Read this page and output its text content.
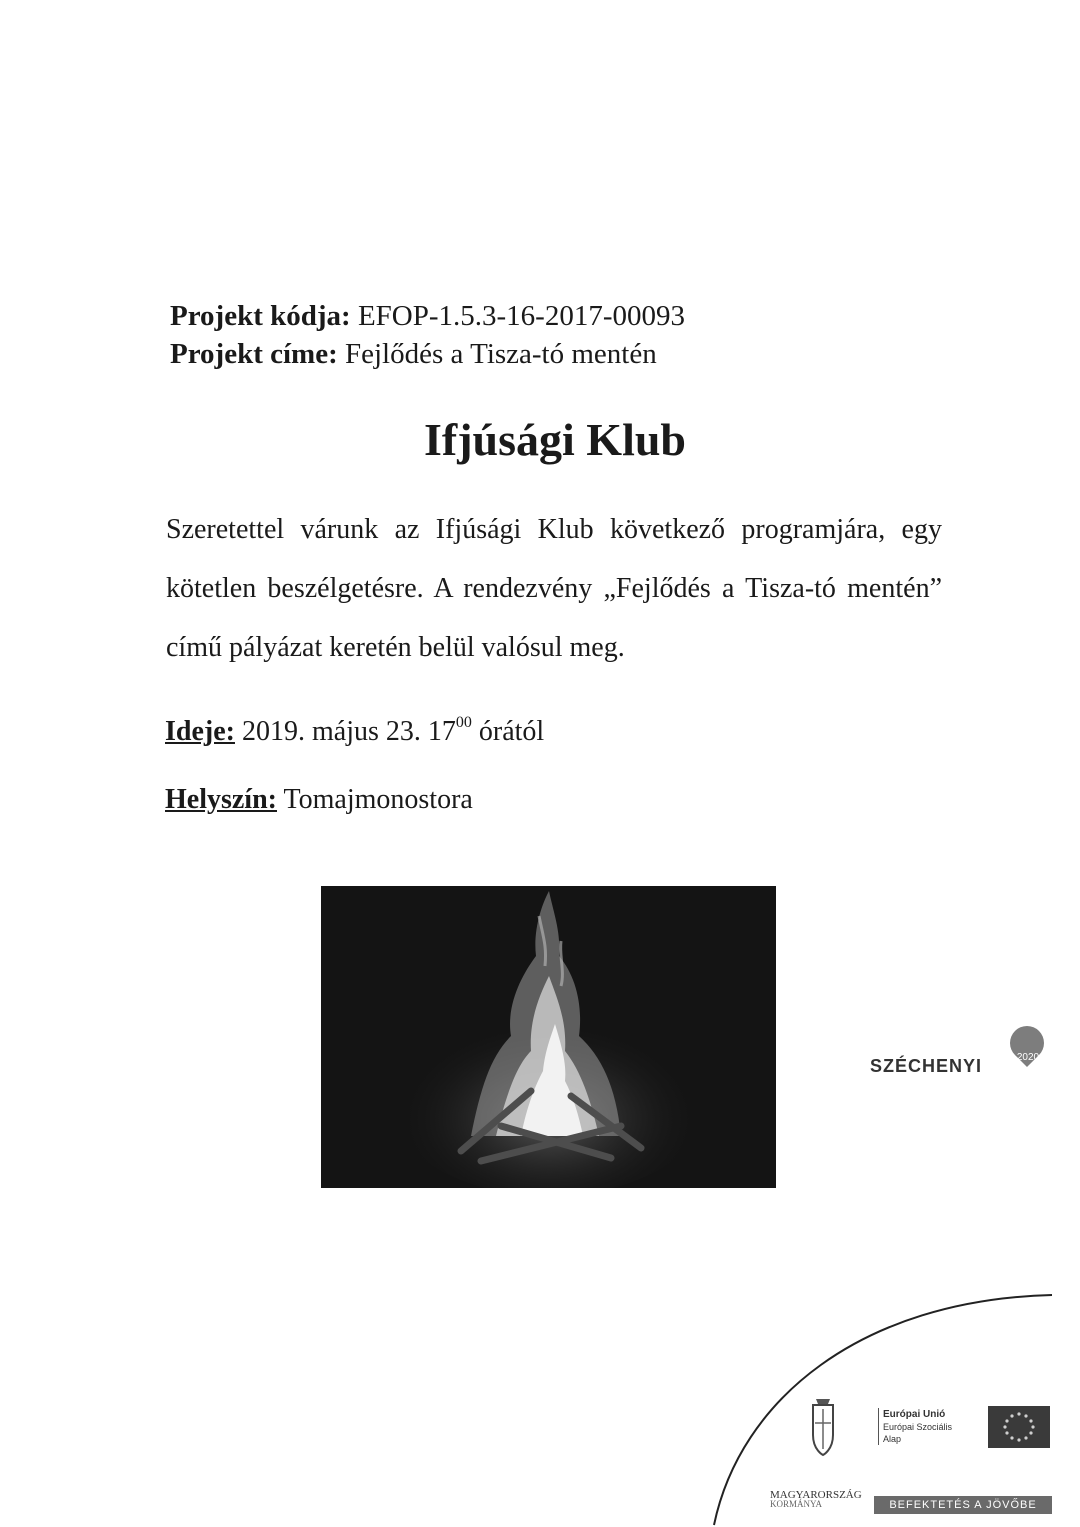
Projekt kódja: EFOP-1.5.3-16-2017-00093
Projekt címe: Fejlődés a Tisza-tó mentén
Ifjúsági Klub
Szeretettel várunk az Ifjúsági Klub következő programjára, egy kötetlen beszélgetésre. A rendezvény „Fejlődés a Tisza-tó mentén” című pályázat keretén belül valósul meg.
Ideje: 2019. május 23. $17^{00}$ órától
Helyszín: Tomajmonostora
SZÉCHENYI	2020
Európai Unió
Európai Szociális
Alap
MAGYARORSZÁG
KORMÁNYA	BEFEKTETÉS A JÖVŐBE
